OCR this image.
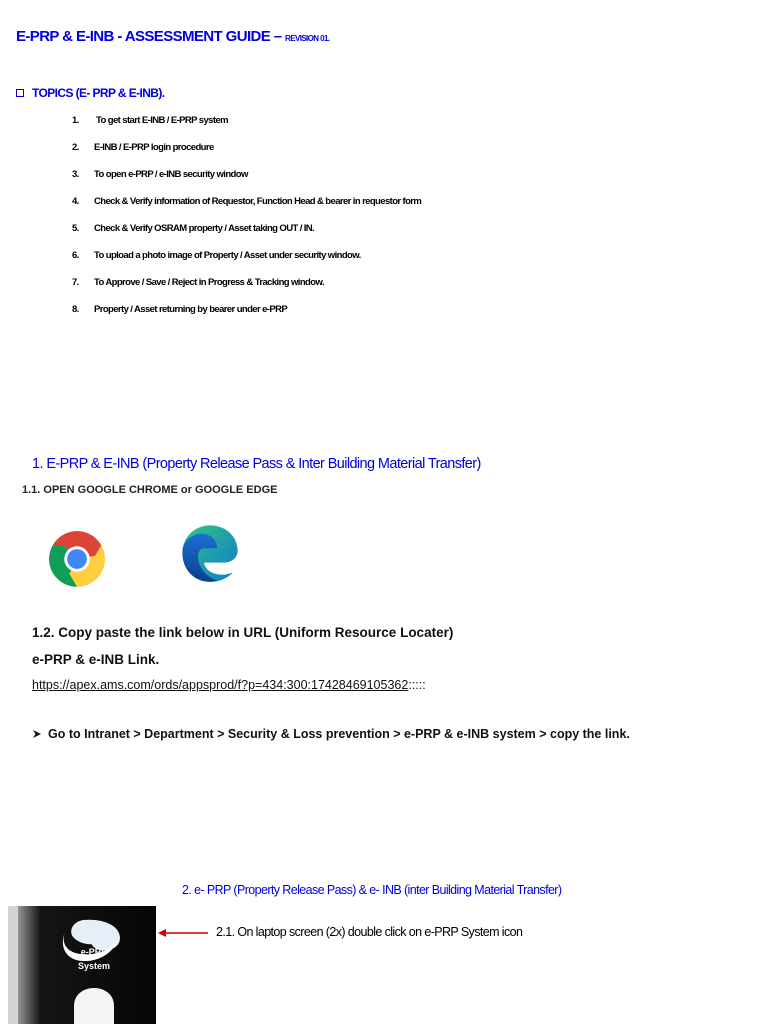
E-PRP & E-INB - ASSESSMENT GUIDE – REVISION 01.
TOPICS (E- PRP & E-INB).
1. To get start E-INB / E-PRP system
2. E-INB / E-PRP login procedure
3. To open e-PRP / e-INB security window
4. Check & Verify information of Requestor, Function Head & bearer in requestor form
5. Check & Verify OSRAM property / Asset taking OUT / IN.
6. To upload a photo image of Property / Asset under security window.
7. To Approve / Save / Reject in Progress & Tracking window.
8. Property / Asset returning by bearer under e-PRP
1. E-PRP & E-INB (Property Release Pass & Inter Building Material Transfer)
1.1. OPEN GOOGLE CHROME or GOOGLE EDGE
1.2. Copy paste the link below in URL (Uniform Resource Locater)
e-PRP & e-INB Link.
https://apex.ams.com/ords/appsprod/f?p=434:300:17428469105362:::::
Go to Intranet > Department > Security & Loss prevention > e-PRP & e-INB system > copy the link.
2. e- PRP (Property Release Pass) & e- INB (inter Building Material Transfer)
e-PRP
System
2.1. On laptop screen (2x) double click on e-PRP System icon
